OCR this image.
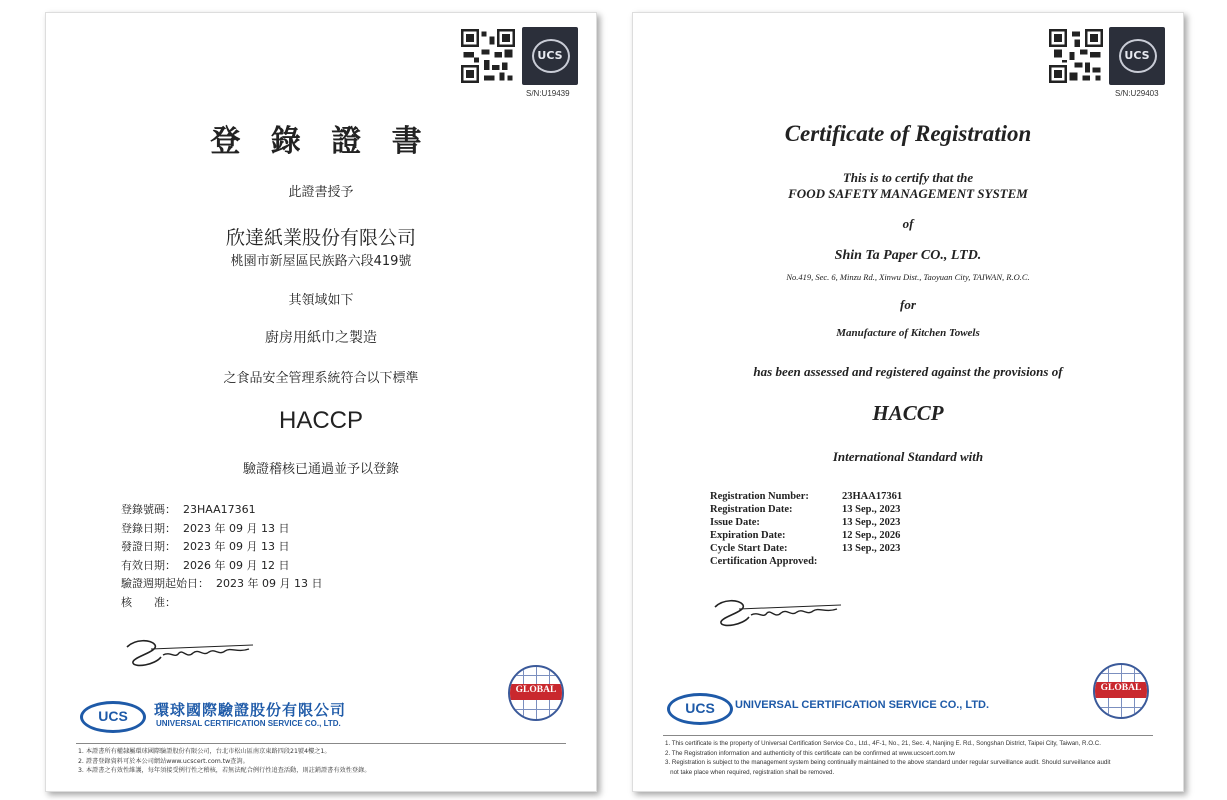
UCS
S/N:U19439
登 錄 證 書
此證書授予
欣達紙業股份有限公司
桃園市新屋區民族路六段419號
其領域如下
廚房用紙巾之製造
之食品安全管理系統符合以下標準
HACCP
驗證稽核已通過並予以登錄
登錄號碼： 23HAA17361
登錄日期： 2023 年 09 月 13 日
發證日期： 2023 年 09 月 13 日
有效日期： 2026 年 09 月 12 日
驗證週期起始日： 2023 年 09 月 13 日
核　　准：
UCS	環球國際驗證股份有限公司
UNIVERSAL CERTIFICATION SERVICE CO., LTD.
GLOBAL
1. 本證書所有權隸屬環球國際驗證股份有限公司，台北市松山區南京東路四段21號4樓之1。
2. 證書登錄資料可於本公司網站www.ucscert.com.tw查詢。
3. 本證書之有效性維護，每年須接受例行性之稽核，若無法配合例行性追查活動，則註銷證書有效性登錄。
UCS
S/N:U29403
Certificate of Registration
This is to certify that the
FOOD SAFETY MANAGEMENT SYSTEM
of
Shin Ta Paper CO., LTD.
No.419, Sec. 6, Minzu Rd., Xinwu Dist., Taoyuan City, TAIWAN, R.O.C.
for
Manufacture of Kitchen Towels
has been assessed and registered against the provisions of
HACCP
International Standard with
Registration Number:	23HAA17361
Registration Date:	13 Sep., 2023
Issue Date:	13 Sep., 2023
Expiration Date:	12 Sep., 2026
Cycle Start Date:	13 Sep., 2023
Certification Approved:	
UCS	UNIVERSAL CERTIFICATION SERVICE CO., LTD.
GLOBAL
1. This certificate is the property of Universal Certification Service Co., Ltd., 4F-1, No., 21, Sec. 4, Nanjing E. Rd., Songshan District, Taipei City, Taiwan, R.O.C.
2. The Registration information and authenticity of this certificate can be confirmed at www.ucscert.com.tw
3. Registration is subject to the management system being continually maintained to the above standard under regular surveillance audit. Should surveillance audit
not take place when required, registration shall be removed.
